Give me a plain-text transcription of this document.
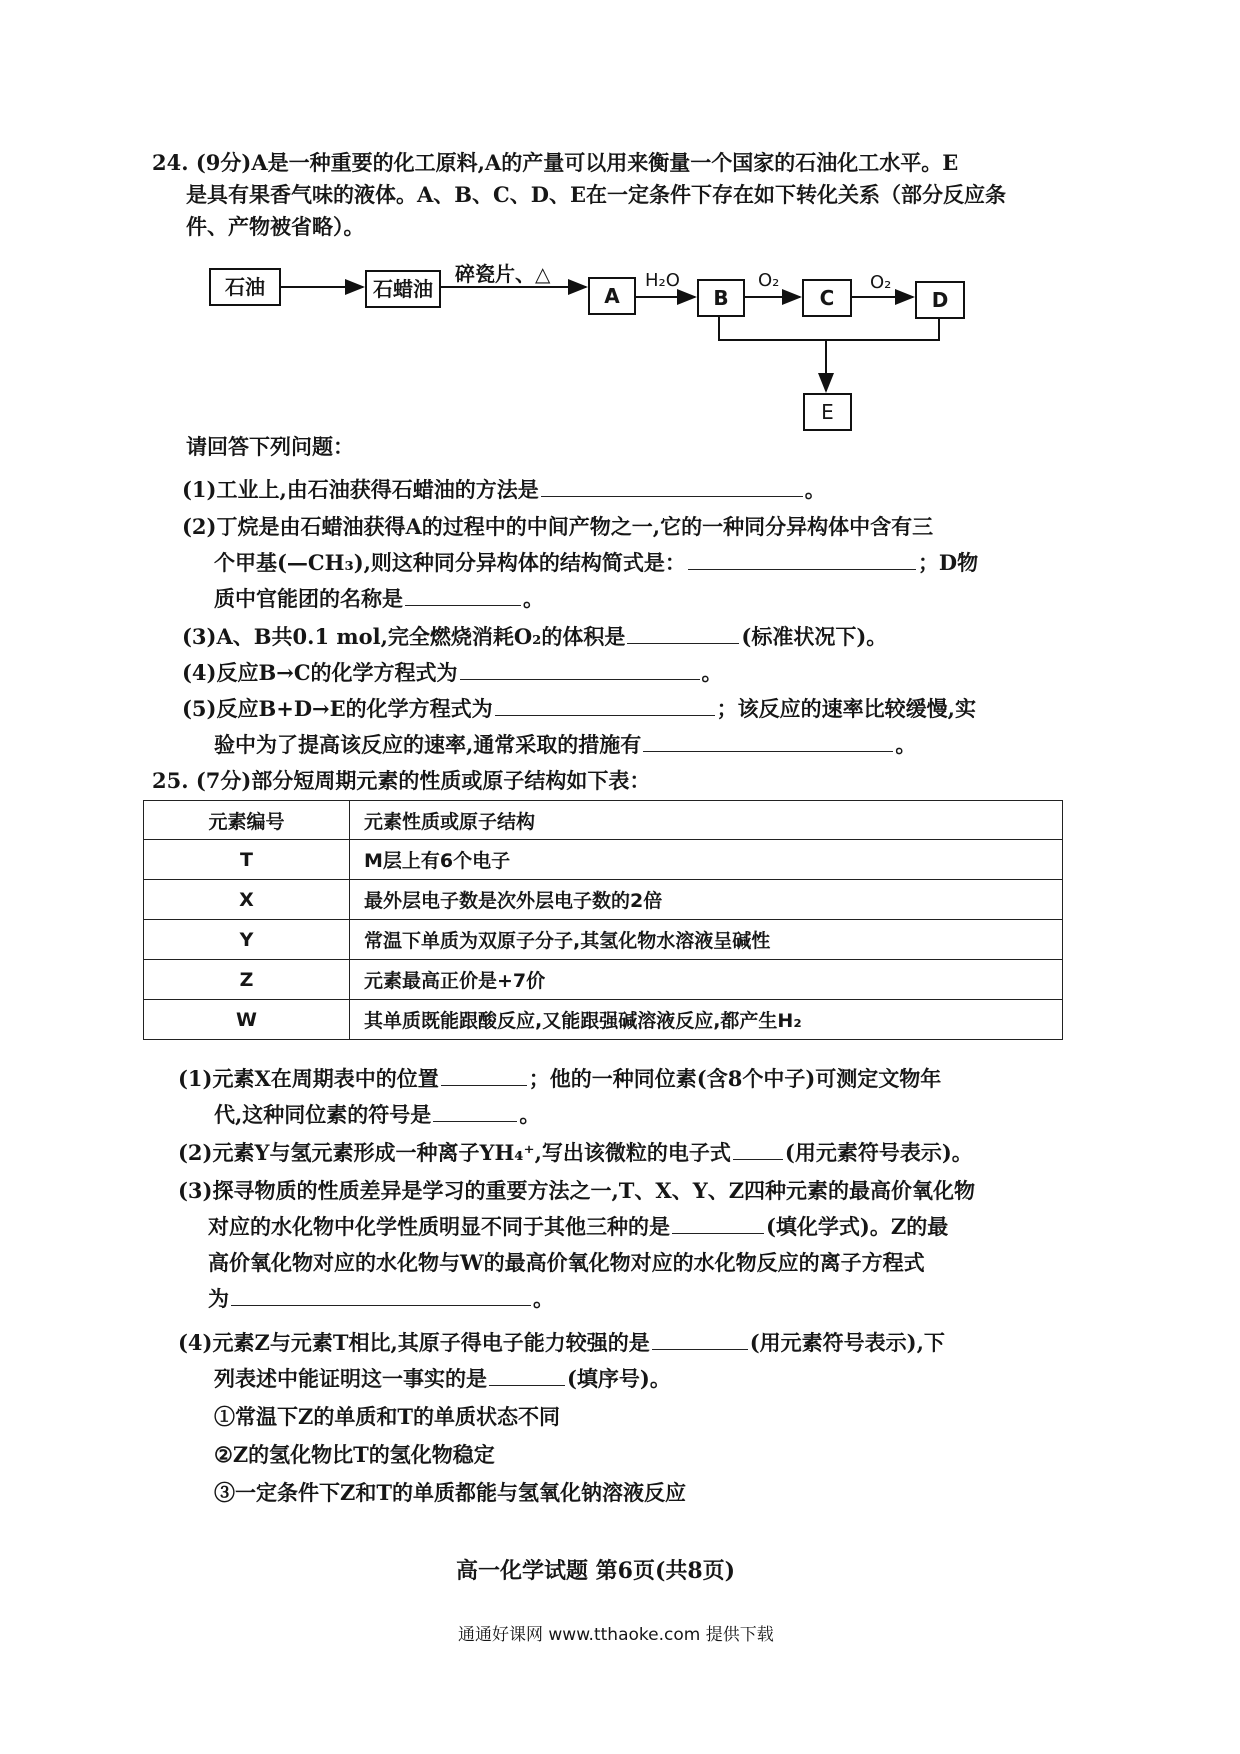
24. (9分)A是一种重要的化工原料,A的产量可以用来衡量一个国家的石油化工水平。E
是具有果香气味的液体。A、B、C、D、E在一定条件下存在如下转化关系（部分反应条
件、产物被省略）。
石油	石蜡油
碎瓷片、△
A
H₂O
B
O₂
C
O₂
D
E
请回答下列问题：
(1)工业上,由石油获得石蜡油的方法是	。
(2)丁烷是由石蜡油获得A的过程中的中间产物之一,它的一种同分异构体中含有三
个甲基(—CH₃),则这种同分异构体的结构简式是：	；D物
质中官能团的名称是	。
(3)A、B共0.1 mol,完全燃烧消耗O₂的体积是	(标准状况下)。
(4)反应B→C的化学方程式为	。
(5)反应B+D→E的化学方程式为	；该反应的速率比较缓慢,实
验中为了提高该反应的速率,通常采取的措施有	。
25. (7分)部分短周期元素的性质或原子结构如下表：
元素编号	元素性质或原子结构
T	M层上有6个电子
X	最外层电子数是次外层电子数的2倍
Y	常温下单质为双原子分子,其氢化物水溶液呈碱性
Z	元素最高正价是+7价
W	其单质既能跟酸反应,又能跟强碱溶液反应,都产生H₂
(1)元素X在周期表中的位置	；他的一种同位素(含8个中子)可测定文物年
代,这种同位素的符号是	。
(2)元素Y与氢元素形成一种离子YH₄⁺,写出该微粒的电子式	(用元素符号表示)。
(3)探寻物质的性质差异是学习的重要方法之一,T、X、Y、Z四种元素的最高价氧化物
对应的水化物中化学性质明显不同于其他三种的是	(填化学式)。Z的最
高价氧化物对应的水化物与W的最高价氧化物对应的水化物反应的离子方程式
为	。
(4)元素Z与元素T相比,其原子得电子能力较强的是	(用元素符号表示),下
列表述中能证明这一事实的是	(填序号)。
①常温下Z的单质和T的单质状态不同
②Z的氢化物比T的氢化物稳定
③一定条件下Z和T的单质都能与氢氧化钠溶液反应
高一化学试题 第6页(共8页)
通通好课网 www.tthaoke.com 提供下载
